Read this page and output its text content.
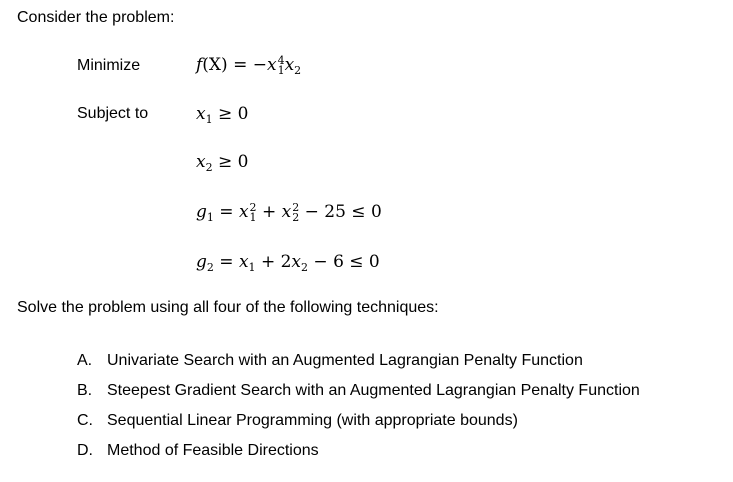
Consider the problem:
Minimize	f(X) = −x 4
1 $x_2$
Subject to	$x_1 \ge 0$
$x_2 \ge 0$
$g_1 = x$ 2
1 + x 2
2 − 25 ≤ 0
$g_2 = x_1 + 2x_2 - 6 \le 0$
Solve the problem using all four of the following techniques:
A. Univariate Search with an Augmented Lagrangian Penalty Function
B. Steepest Gradient Search with an Augmented Lagrangian Penalty Function
C. Sequential Linear Programming (with appropriate bounds)
D. Method of Feasible Directions
